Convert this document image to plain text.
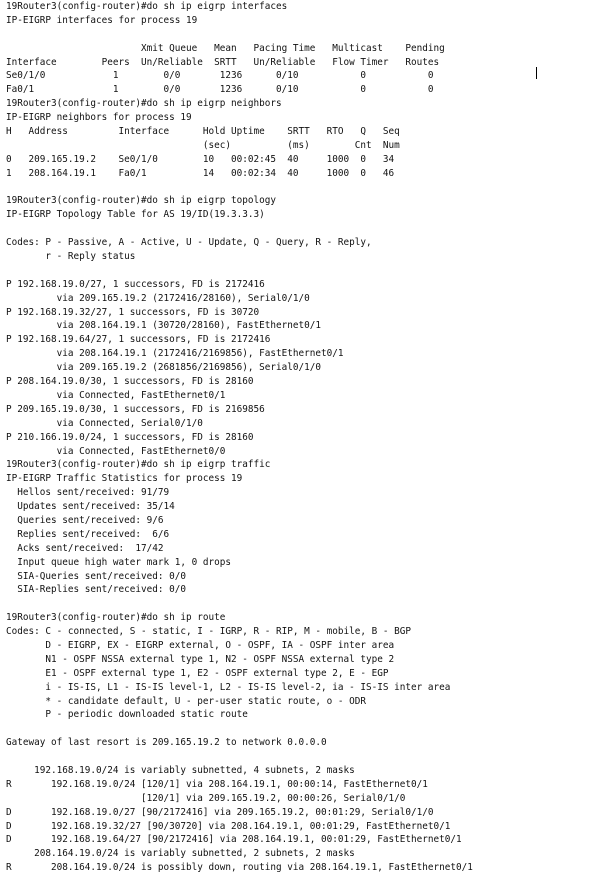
19Router3(config-router)#do sh ip eigrp interfaces
IP-EIGRP interfaces for process 19
Xmit Queue   Mean   Pacing Time   Multicast    Pending
Interface        Peers  Un/Reliable  SRTT   Un/Reliable   Flow Timer   Routes
Se0/1/0            1        0/0       1236      0/10           0           0
Fa0/1              1        0/0       1236      0/10           0           0
19Router3(config-router)#do sh ip eigrp neighbors
IP-EIGRP neighbors for process 19
H   Address         Interface      Hold Uptime    SRTT   RTO   Q   Seq
(sec)          (ms)        Cnt  Num
0   209.165.19.2    Se0/1/0        10   00:02:45  40     1000  0   34
1   208.164.19.1    Fa0/1          14   00:02:34  40     1000  0   46
19Router3(config-router)#do sh ip eigrp topology
IP-EIGRP Topology Table for AS 19/ID(19.3.3.3)
Codes: P - Passive, A - Active, U - Update, Q - Query, R - Reply,
r - Reply status
P 192.168.19.0/27, 1 successors, FD is 2172416
via 209.165.19.2 (2172416/28160), Serial0/1/0
P 192.168.19.32/27, 1 successors, FD is 30720
via 208.164.19.1 (30720/28160), FastEthernet0/1
P 192.168.19.64/27, 1 successors, FD is 2172416
via 208.164.19.1 (2172416/2169856), FastEthernet0/1
via 209.165.19.2 (2681856/2169856), Serial0/1/0
P 208.164.19.0/30, 1 successors, FD is 28160
via Connected, FastEthernet0/1
P 209.165.19.0/30, 1 successors, FD is 2169856
via Connected, Serial0/1/0
P 210.166.19.0/24, 1 successors, FD is 28160
via Connected, FastEthernet0/0
19Router3(config-router)#do sh ip eigrp traffic
IP-EIGRP Traffic Statistics for process 19
Hellos sent/received: 91/79
Updates sent/received: 35/14
Queries sent/received: 9/6
Replies sent/received:  6/6
Acks sent/received:  17/42
Input queue high water mark 1, 0 drops
SIA-Queries sent/received: 0/0
SIA-Replies sent/received: 0/0
19Router3(config-router)#do sh ip route
Codes: C - connected, S - static, I - IGRP, R - RIP, M - mobile, B - BGP
D - EIGRP, EX - EIGRP external, O - OSPF, IA - OSPF inter area
N1 - OSPF NSSA external type 1, N2 - OSPF NSSA external type 2
E1 - OSPF external type 1, E2 - OSPF external type 2, E - EGP
i - IS-IS, L1 - IS-IS level-1, L2 - IS-IS level-2, ia - IS-IS inter area
* - candidate default, U - per-user static route, o - ODR
P - periodic downloaded static route
Gateway of last resort is 209.165.19.2 to network 0.0.0.0
192.168.19.0/24 is variably subnetted, 4 subnets, 2 masks
R       192.168.19.0/24 [120/1] via 208.164.19.1, 00:00:14, FastEthernet0/1
[120/1] via 209.165.19.2, 00:00:26, Serial0/1/0
D       192.168.19.0/27 [90/2172416] via 209.165.19.2, 00:01:29, Serial0/1/0
D       192.168.19.32/27 [90/30720] via 208.164.19.1, 00:01:29, FastEthernet0/1
D       192.168.19.64/27 [90/2172416] via 208.164.19.1, 00:01:29, FastEthernet0/1
208.164.19.0/24 is variably subnetted, 2 subnets, 2 masks
R       208.164.19.0/24 is possibly down, routing via 208.164.19.1, FastEthernet0/1
